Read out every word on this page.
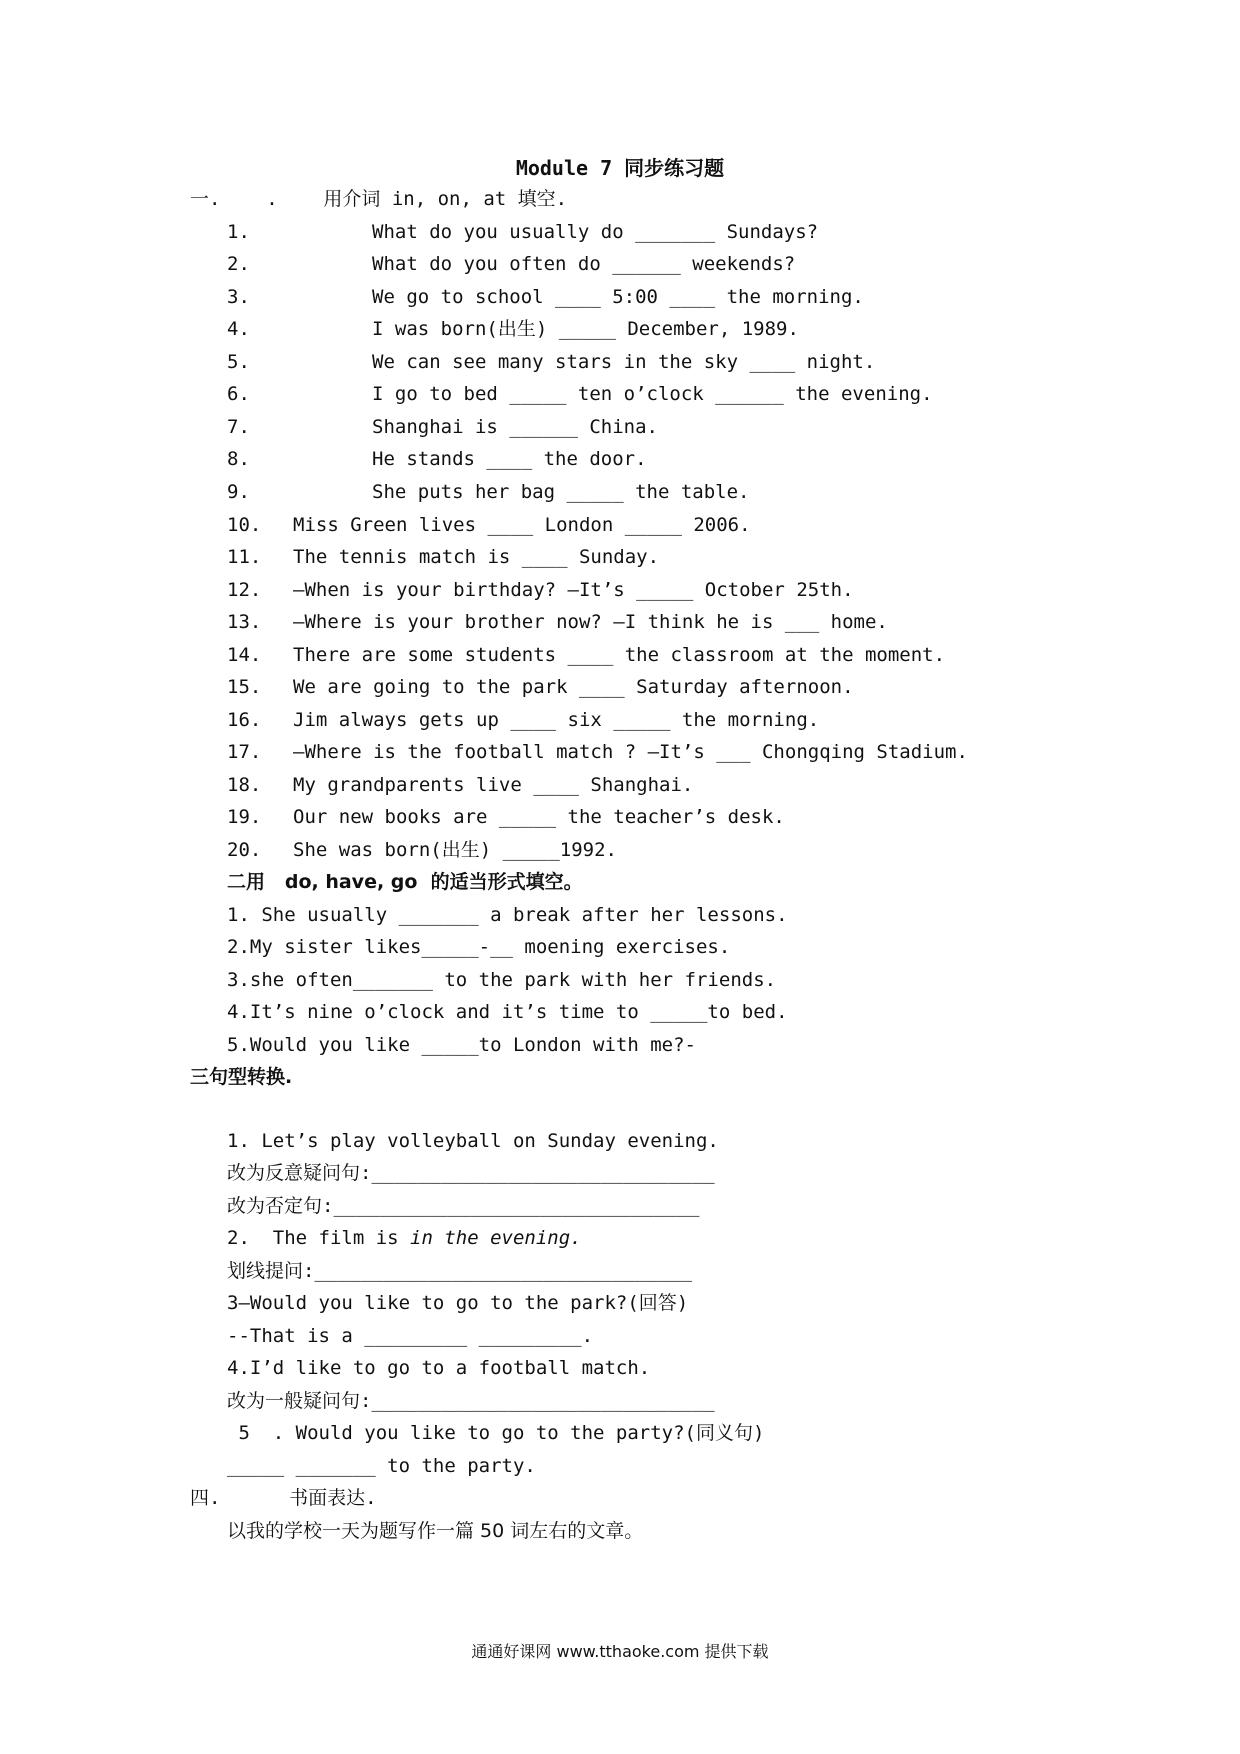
Module 7 同步练习题
一.    .    用介词 in, on, at 填空.
1.	What do you usually do _______ Sundays?
2.	What do you often do ______ weekends?
3.	We go to school ____ 5:00 ____ the morning.
4.	I was born(出生) _____ December, 1989.
5.	We can see many stars in the sky ____ night.
6.	I go to bed _____ ten o’clock ______ the evening.
7.	Shanghai is ______ China.
8.	He stands ____ the door.
9.	She puts her bag _____ the table.
10. Miss Green lives ____ London _____ 2006.
11. The tennis match is ____ Sunday.
12. –When is your birthday? –It’s _____ October 25th.
13. –Where is your brother now? –I think he is ___ home.
14. There are some students ____ the classroom at the moment.
15. We are going to the park ____ Saturday afternoon.
16. Jim always gets up ____ six _____ the morning.
17. –Where is the football match ? –It’s ___ Chongqing Stadium.
18. My grandparents live ____ Shanghai.
19. Our new books are _____ the teacher’s desk.
20. She was born(出生) _____1992.
二用   do, have, go  的适当形式填空。
1. She usually _______ a break after her lessons.
2.My sister likes_____-__ moening exercises.
3.she often_______ to the park with her friends.
4.It’s nine o’clock and it’s time to _____to bed.
5.Would you like _____to London with me?-
三句型转换.
1. Let’s play volleyball on Sunday evening.
改为反意疑问句:______________________________
改为否定句:________________________________
2.  The film is in the evening.
划线提问:_________________________________
3–Would you like to go to the park?(回答)
--That is a _________ _________.
4.I’d like to go to a football match.
改为一般疑问句:______________________________
5  . Would you like to go to the party?(同义句)
_____ _______ to the party.
四.      书面表达.
以我的学校一天为题写作一篇 50 词左右的文章。
通通好课网 www.tthaoke.com 提供下载
